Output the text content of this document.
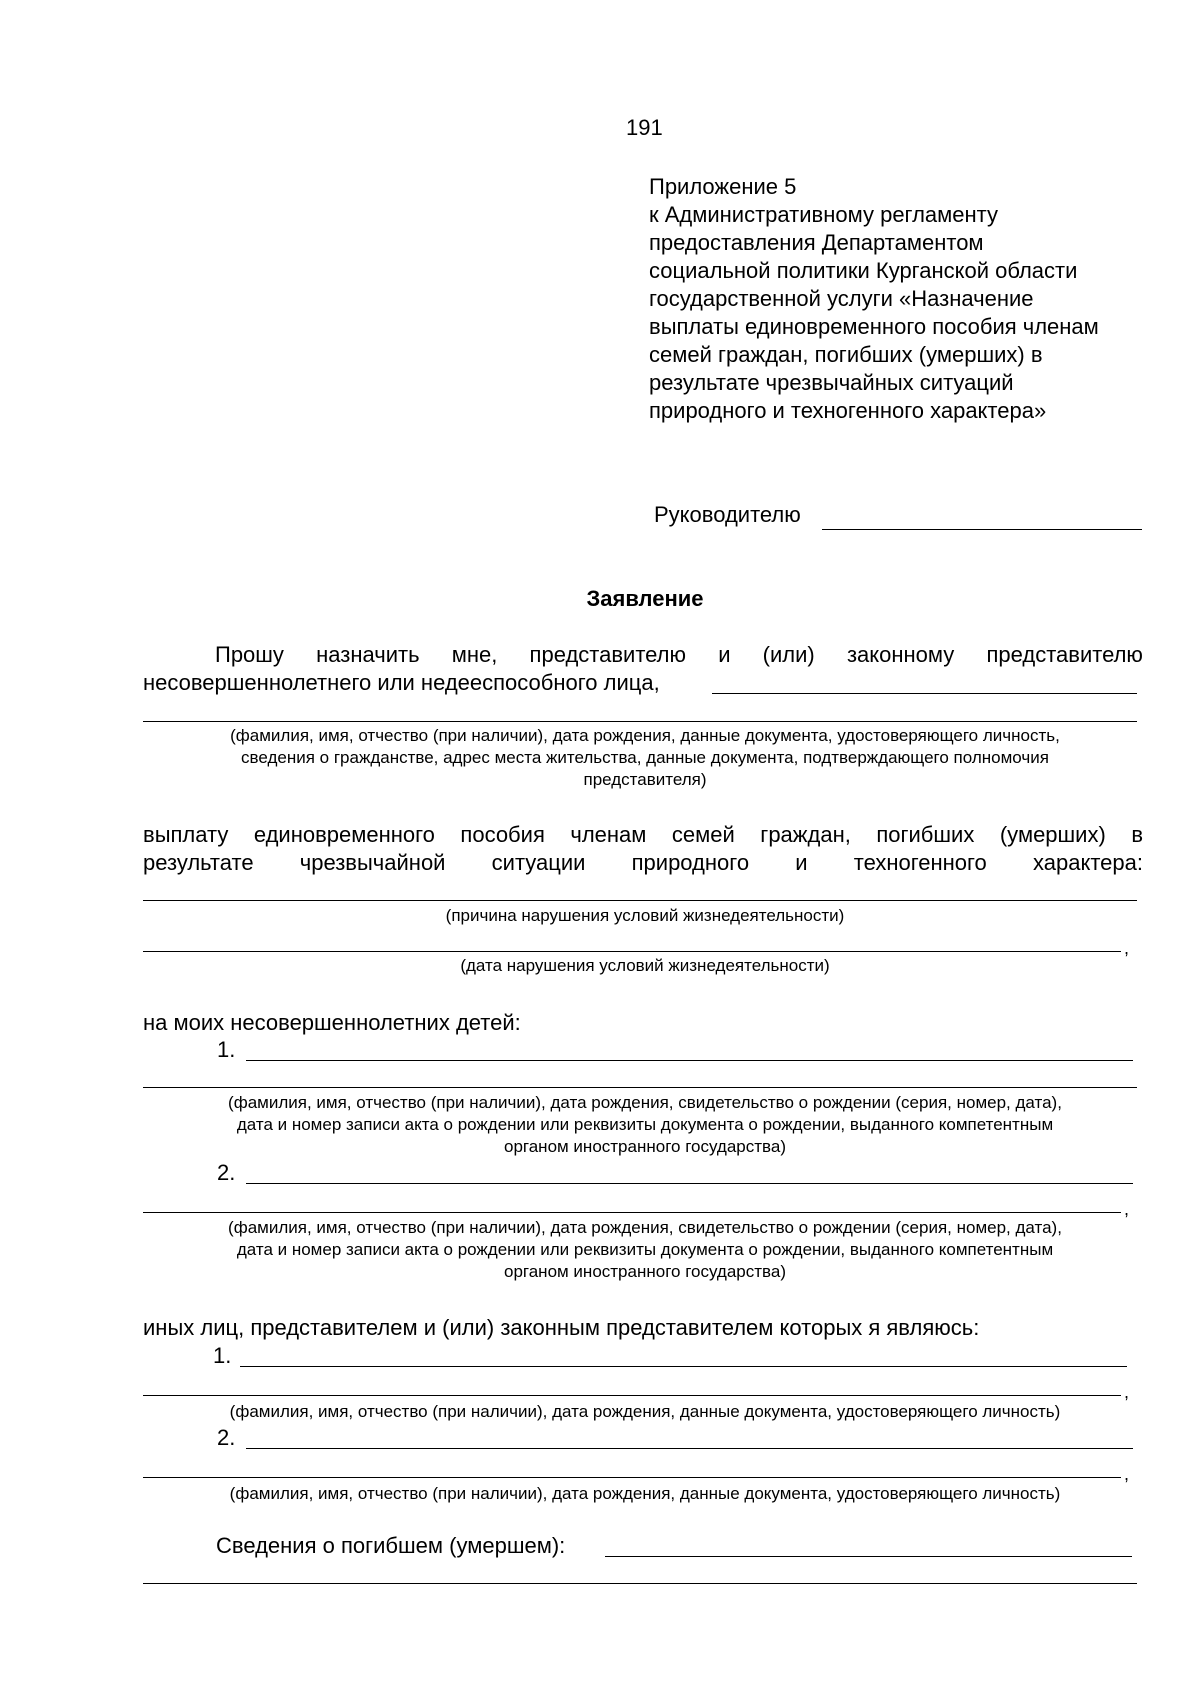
191
Приложение 5
к Административному регламенту
предоставления Департаментом
социальной политики Курганской области
государственной услуги «Назначение
выплаты единовременного пособия членам
семей граждан, погибших (умерших) в
результате чрезвычайных ситуаций
природного и техногенного характера»
Руководителю
Заявление
Прошу назначить мне, представителю и (или) законному представителю
несовершеннолетнего или недееспособного лица,
(фамилия, имя, отчество (при наличии), дата рождения, данные документа, удостоверяющего личность,
сведения о гражданстве, адрес места жительства, данные документа, подтверждающего полномочия
представителя)
выплату единовременного пособия членам семей граждан, погибших (умерших) в
результате чрезвычайной ситуации природного и техногенного характера:
(причина нарушения условий жизнедеятельности)
,
(дата нарушения условий жизнедеятельности)
на моих несовершеннолетних детей:
1.
(фамилия, имя, отчество (при наличии), дата рождения, свидетельство о рождении (серия, номер, дата),
дата и номер записи акта о рождении или реквизиты документа о рождении, выданного компетентным
органом иностранного государства)
2.
,
(фамилия, имя, отчество (при наличии), дата рождения, свидетельство о рождении (серия, номер, дата),
дата и номер записи акта о рождении или реквизиты документа о рождении, выданного компетентным
органом иностранного государства)
иных лиц, представителем и (или) законным представителем которых я являюсь:
1.
,
(фамилия, имя, отчество (при наличии), дата рождения, данные документа, удостоверяющего личность)
2.
,
(фамилия, имя, отчество (при наличии), дата рождения, данные документа, удостоверяющего личность)
Сведения о погибшем (умершем):
